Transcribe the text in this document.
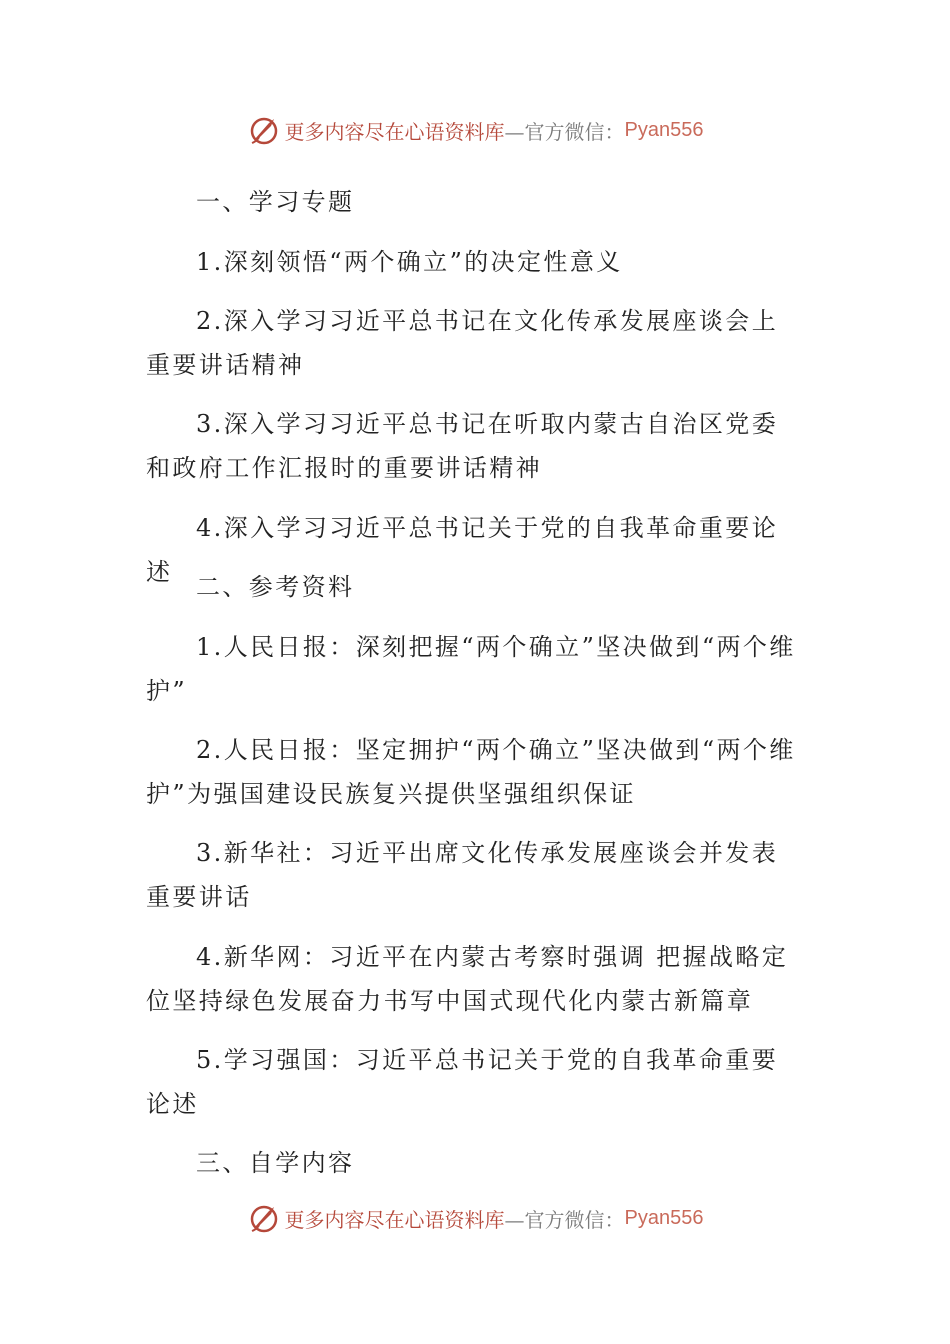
更多内容尽在心语资料库 —官方微信： Pyan556

一、学习专题

1.深刻领悟“两个确立”的决定性意义

2.深入学习习近平总书记在文化传承发展座谈会上重要讲话精神

3.深入学习习近平总书记在听取内蒙古自治区党委和政府工作汇报时的重要讲话精神

4.深入学习习近平总书记关于党的自我革命重要论述

二、参考资料

1.人民日报：深刻把握“两个确立”坚决做到“两个维护”

2.人民日报：坚定拥护“两个确立”坚决做到“两个维护”为强国建设民族复兴提供坚强组织保证

3.新华社：习近平出席文化传承发展座谈会并发表重要讲话

4.新华网：习近平在内蒙古考察时强调 把握战略定位坚持绿色发展奋力书写中国式现代化内蒙古新篇章

5.学习强国：习近平总书记关于党的自我革命重要论述

三、自学内容

更多内容尽在心语资料库 —官方微信： Pyan556
